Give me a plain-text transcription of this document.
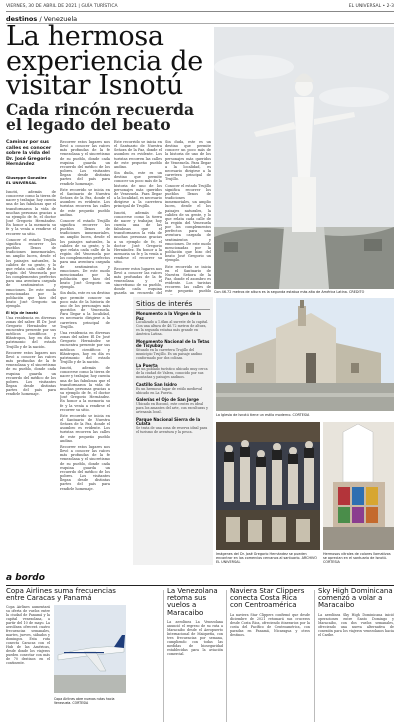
VIERNES, 30 DE ABRIL DE 2021 | GUÍA TURÍSTICA	EL UNIVERSAL • 2-3
destinos / Venezuela
La hermosa experiencia de visitar Isnotú
Cada rincón recuerda el legado del beato
Caminar por sus calles es conocer sobre la vida del Dr. José Gregorio Hernández
Giuseppe González
EL UNIVERSAL

Isnotú, además de conocerse como la tierra de nacer y trabajar, hoy cuenta una de las fabulosas que el transformaron la vida de muchas personas gracias a su ejemplo de fe, el doctor José Gregorio Hernández. En honor a la memoria su fe y la venía a rendirse el recorrer su sitio.

Conocer el estado Trujillo significa recorrer los pueblos llenos de tradiciones inmemoriales, un amplio lucen, desde el los paisajes naturales, la calidez de su gente, y lo que relata cada calle de la región del Venezuela por los complementos perfectos para una aventura cargada de sentimientos y emociones. De este modo mencionadas por la población que hizo del beato José Gregorio un ejemplo.

El hijo de Isnotú

Una residencia en diversas zonas del saber. El Dr. José Gregorio Hernández se encuentra presente por sus médicos científicos y filántropos, hoy en día es patrimonio del estado Trujillo y de la nación.

Recorrer estos lugares nos llevó a conocer las raíces más profundas de la fe venezolana y el sincretismo de su pueblo, donde cada esquina guarda un recuerdo del médico de los pobres. Los visitantes llegan desde distintas partes del país para rendirle homenaje.

Recorrer estos lugares nos llevó a conocer las raíces más profundas de la fe venezolana y el sincretismo de su pueblo, donde cada esquina guarda un recuerdo del médico de los pobres. Los visitantes llegan desde distintas partes del país para rendirle homenaje.

Este recorrido se inicia en el Santuario de Nuestra Señora de la Paz, donde el asombro es evidente. Los turistas recorren las calles de este pequeño pueblo andino.

Conocer el estado Trujillo significa recorrer los pueblos llenos de tradiciones inmemoriales, un amplio lucen, desde el los paisajes naturales, la calidez de su gente, y lo que relata cada calle de la región del Venezuela por los complementos perfectos para una aventura cargada de sentimientos y emociones. De este modo mencionadas por la población que hizo del beato José Gregorio un ejemplo.

Sin duda, este es un destino que permite conocer un poco más de la historia de uno de los personajes más queridos de Venezuela. Para llegar a la localidad, es necesario dirigirse a la carretera principal de Trujillo.

Una residencia en diversas zonas del saber. El Dr. José Gregorio Hernández se encuentra presente por sus médicos científicos y filántropos, hoy en día es patrimonio del estado Trujillo y de la nación.

Isnotú, además de conocerse como la tierra de nacer y trabajar, hoy cuenta una de las fabulosas que el transformaron la vida de muchas personas gracias a su ejemplo de fe, el doctor José Gregorio Hernández. En honor a la memoria su fe y la venía a rendirse el recorrer su sitio.

Este recorrido se inicia en el Santuario de Nuestra Señora de la Paz, donde el asombro es evidente. Los turistas recorren las calles de este pequeño pueblo andino.

Recorrer estos lugares nos llevó a conocer las raíces más profundas de la fe venezolana y el sincretismo de su pueblo, donde cada esquina guarda un recuerdo del médico de los pobres. Los visitantes llegan desde distintas partes del país para rendirle homenaje.

Este recorrido se inicia en el Santuario de Nuestra Señora de la Paz, donde el asombro es evidente. Los turistas recorren las calles de este pequeño pueblo andino.

Sin duda, este es un destino que permite conocer un poco más de la historia de uno de los personajes más queridos de Venezuela. Para llegar a la localidad, es necesario dirigirse a la carretera principal de Trujillo.

Isnotú, además de conocerse como la tierra de nacer y trabajar, hoy cuenta una de las fabulosas que el transformaron la vida de muchas personas gracias a su ejemplo de fe, el doctor José Gregorio Hernández. En honor a la memoria su fe y la venía a rendirse el recorrer su sitio.

Recorrer estos lugares nos llevó a conocer las raíces más profundas de la fe venezolana y el sincretismo de su pueblo, donde cada esquina guarda un recuerdo del

Sin duda, este es un destino que permite conocer un poco más de la historia de uno de los personajes más queridos de Venezuela. Para llegar a la localidad, es necesario dirigirse a la carretera principal de Trujillo.

Conocer el estado Trujillo significa recorrer los pueblos llenos de tradiciones inmemoriales, un amplio lucen, desde el los paisajes naturales, la calidez de su gente, y lo que relata cada calle de la región del Venezuela por los complementos perfectos para una aventura cargada de sentimientos y emociones. De este modo mencionadas por la población que hizo del beato José Gregorio un ejemplo.

Este recorrido se inicia en el Santuario de Nuestra Señora de la Paz, donde el asombro es evidente. Los turistas recorren las calles de este pequeño pueblo Con 46.72 metros de altura es la segunda estatua más alta de América Latina. CREDITO
Sitios de interés
Monumento a la Virgen de la Paz
Localizado a 1.6km al sureste de la capital. Con una altura de 46.72 metros de altura, es la segunda estatua más grande en América Latina.
Monumento Nacional de la Tetas de Tisyubay
Situado en la carretera Trujillo del municipio Trujillo. Es un paisaje andino conformado por dos colinas.
La Puerta
Se un poblado turístico ubicado muy cerca de la ciudad de Valera, conocido por sus montañas y paisajes andinos.
Castillo San Isidro
Es un hermoso lugar de estilo medieval ubicado en La Puerta.
Galerías el Ojo de San Jorge
Ubicado en Boconó, este centro es ideal para los amantes del arte, con esculturas y artesanía local.
Parque Nacional Sierra de la Culata
Se trata de una zona de reserva ideal para el turismo de aventura y la pesca.
La Iglesia de Isnotú tiene un estilo moderno. CORTESIA
Imágenes del Dr. José Gregorio Hernández se pueden encontrar en los comercios cercanos al santuario. ARCHIVO EL UNIVERSAL
Hermosos vitrales de colores llamativos se aprecian en el santuario de Isnotú. CORTESIA
a bordo
Copa Airlines suma frecuencias entre Caracas y Panamá
Copa Airlines aumentará su oferta de vuelos entre la ciudad de Panamá y la capital venezolana, a partir del 10 de mayo. La aerolínea ofrecerá cuatro frecuencias semanales, martes, jueves, sábados y domingos. Esta ruta conecta Caracas con el Hub de las Américas, desde donde los viajeros pueden conectar con más de 70 destinos en el continente.
Copa Airlines abre nuevas rutas hacia Venezuela. CORTESIA
La Venezolana retoma sus vuelos a Maracaibo
La aerolínea La Venezolana anunció el regreso de su ruta a Maracaibo desde el Aeropuerto Internacional de Maiquetía, con tres frecuencias por semana, cumpliendo con todas las medidas de bioseguridad establecidas para la aviación comercial.
Naviera Star Clippers conecta Costa Rica con Centroamérica
La naviera Star Clippers confirmó que desde diciembre de 2021 retomará sus cruceros desde Costa Rica, ofreciendo itinerarios por la costa del Pacífico de Centroamérica, con paradas en Panamá, Nicaragua y otros destinos.
Sky High Dominicana comenzó a volar a Maracaibo
La aerolínea Sky High Dominicana inició operaciones entre Santo Domingo y Maracaibo, con dos vuelos semanales, ofreciendo una nueva alternativa de conexión para los viajeros venezolanos hacia el Caribe.
